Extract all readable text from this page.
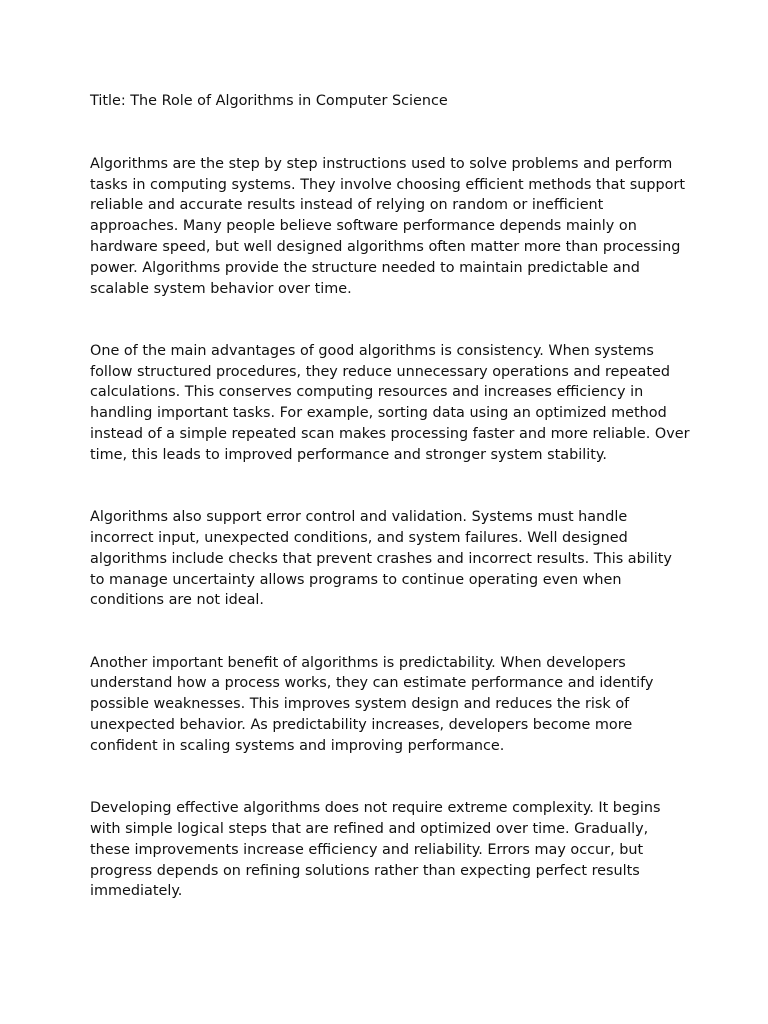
Title: The Role of Algorithms in Computer Science

Algorithms are the step by step instructions used to solve problems and perform tasks in computing systems. They involve choosing efficient methods that support reliable and accurate results instead of relying on random or inefficient approaches. Many people believe software performance depends mainly on hardware speed, but well designed algorithms often matter more than processing power. Algorithms provide the structure needed to maintain predictable and scalable system behavior over time.

One of the main advantages of good algorithms is consistency. When systems follow structured procedures, they reduce unnecessary operations and repeated calculations. This conserves computing resources and increases efficiency in handling important tasks. For example, sorting data using an optimized method instead of a simple repeated scan makes processing faster and more reliable. Over time, this leads to improved performance and stronger system stability.

Algorithms also support error control and validation. Systems must handle incorrect input, unexpected conditions, and system failures. Well designed algorithms include checks that prevent crashes and incorrect results. This ability to manage uncertainty allows programs to continue operating even when conditions are not ideal.

Another important benefit of algorithms is predictability. When developers understand how a process works, they can estimate performance and identify possible weaknesses. This improves system design and reduces the risk of unexpected behavior. As predictability increases, developers become more confident in scaling systems and improving performance.

Developing effective algorithms does not require extreme complexity. It begins with simple logical steps that are refined and optimized over time. Gradually, these improvements increase efficiency and reliability. Errors may occur, but progress depends on refining solutions rather than expecting perfect results immediately.
